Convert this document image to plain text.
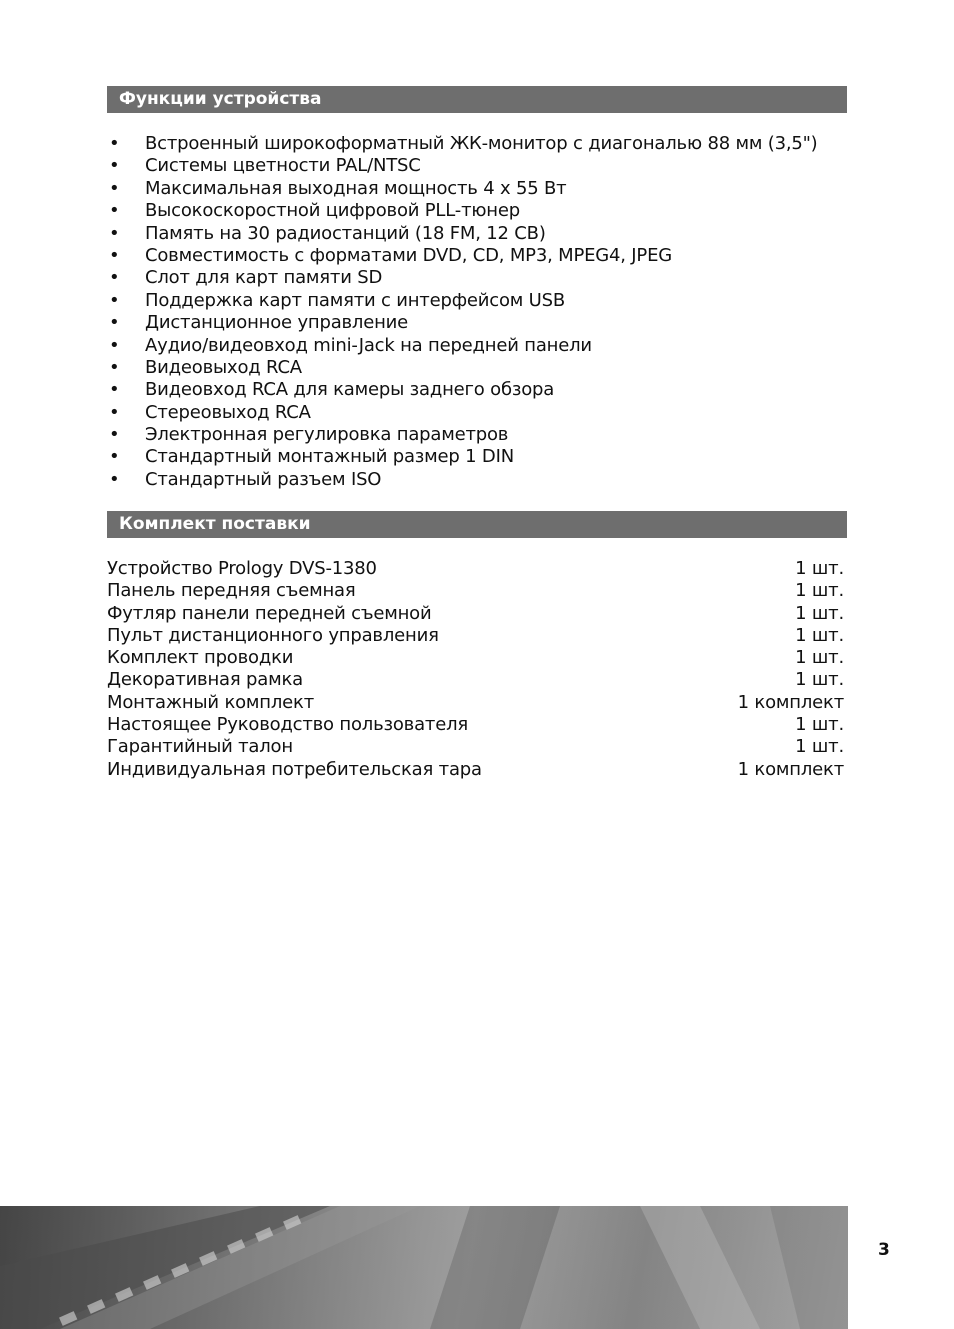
Функции устройства
• Встроенный широкоформатный ЖК-монитор с диагональю 88 мм (3,5")
• Системы цветности PAL/NTSC
• Максимальная выходная мощность 4 x 55 Вт
• Высокоскоростной цифровой PLL-тюнер
• Память на 30 радиостанций (18 FM, 12 CB)
• Совместимость с форматами DVD, CD, MP3, MPEG4, JPEG
• Слот для карт памяти SD
• Поддержка карт памяти с интерфейсом USB
• Дистанционное управление
• Аудио/видеовход mini-Jack на передней панели
• Видеовыход RCA
• Видеовход RCA для камеры заднего обзора
• Стереовыход RCA
• Электронная регулировка параметров
• Стандартный монтажный размер 1 DIN
• Стандартный разъем ISO
Комплект поставки
Устройство Prology DVS-1380	1 шт.
Панель передняя съемная	1 шт.
Футляр панели передней съемной	1 шт.
Пульт дистанционного управления	1 шт.
Комплект проводки	1 шт.
Декоративная рамка	1 шт.
Монтажный комплект	1 комплект
Настоящее Руководство пользователя	1 шт.
Гарантийный талон	1 шт.
Индивидуальная потребительская тара	1 комплект
3
